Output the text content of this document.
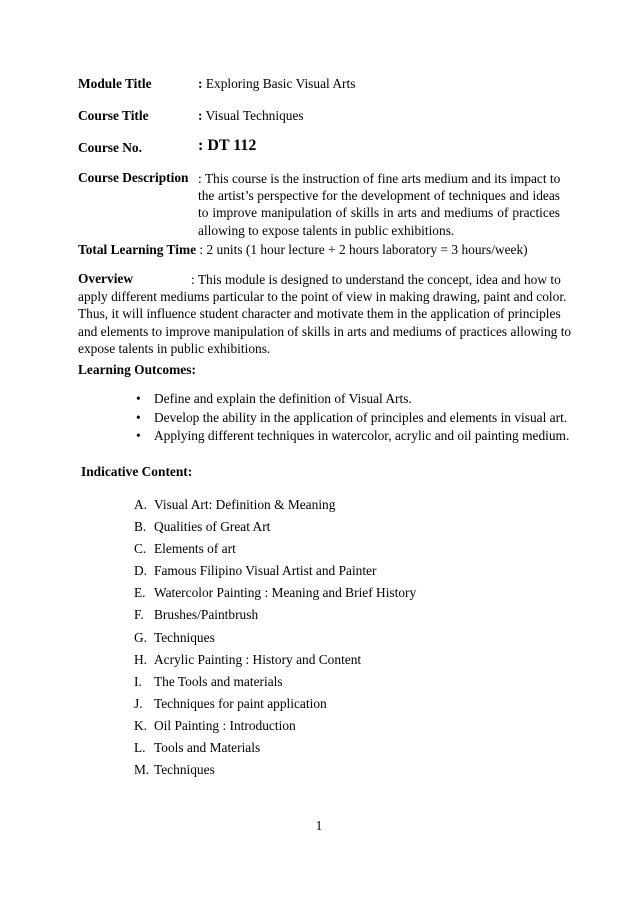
Module Title	: Exploring Basic Visual Arts
Course Title	: Visual Techniques
Course No.	: DT 112
Course Description : This course is the instruction of fine arts medium and its impact to
the artist’s perspective for the development of techniques and ideas
to improve manipulation of skills in arts and mediums of practices
allowing to expose talents in public exhibitions.
Total Learning Time : 2 units (1 hour lecture + 2 hours laboratory = 3 hours/week)
Overview	: This module is designed to understand the concept, idea and how to
apply different mediums particular to the point of view in making drawing, paint and color.
Thus, it will influence student character and motivate them in the application of principles
and elements to improve manipulation of skills in arts and mediums of practices allowing to
expose talents in public exhibitions.
Learning Outcomes:
• Define and explain the definition of Visual Arts.
• Develop the ability in the application of principles and elements in visual art.
• Applying different techniques in watercolor, acrylic and oil painting medium.
Indicative Content:
A. Visual Art: Definition & Meaning
B. Qualities of Great Art
C. Elements of art
D. Famous Filipino Visual Artist and Painter
E. Watercolor Painting : Meaning and Brief History
F. Brushes/Paintbrush
G. Techniques
H. Acrylic Painting : History and Content
I. The Tools and materials
J. Techniques for paint application
K. Oil Painting : Introduction
L. Tools and Materials
M. Techniques
1
